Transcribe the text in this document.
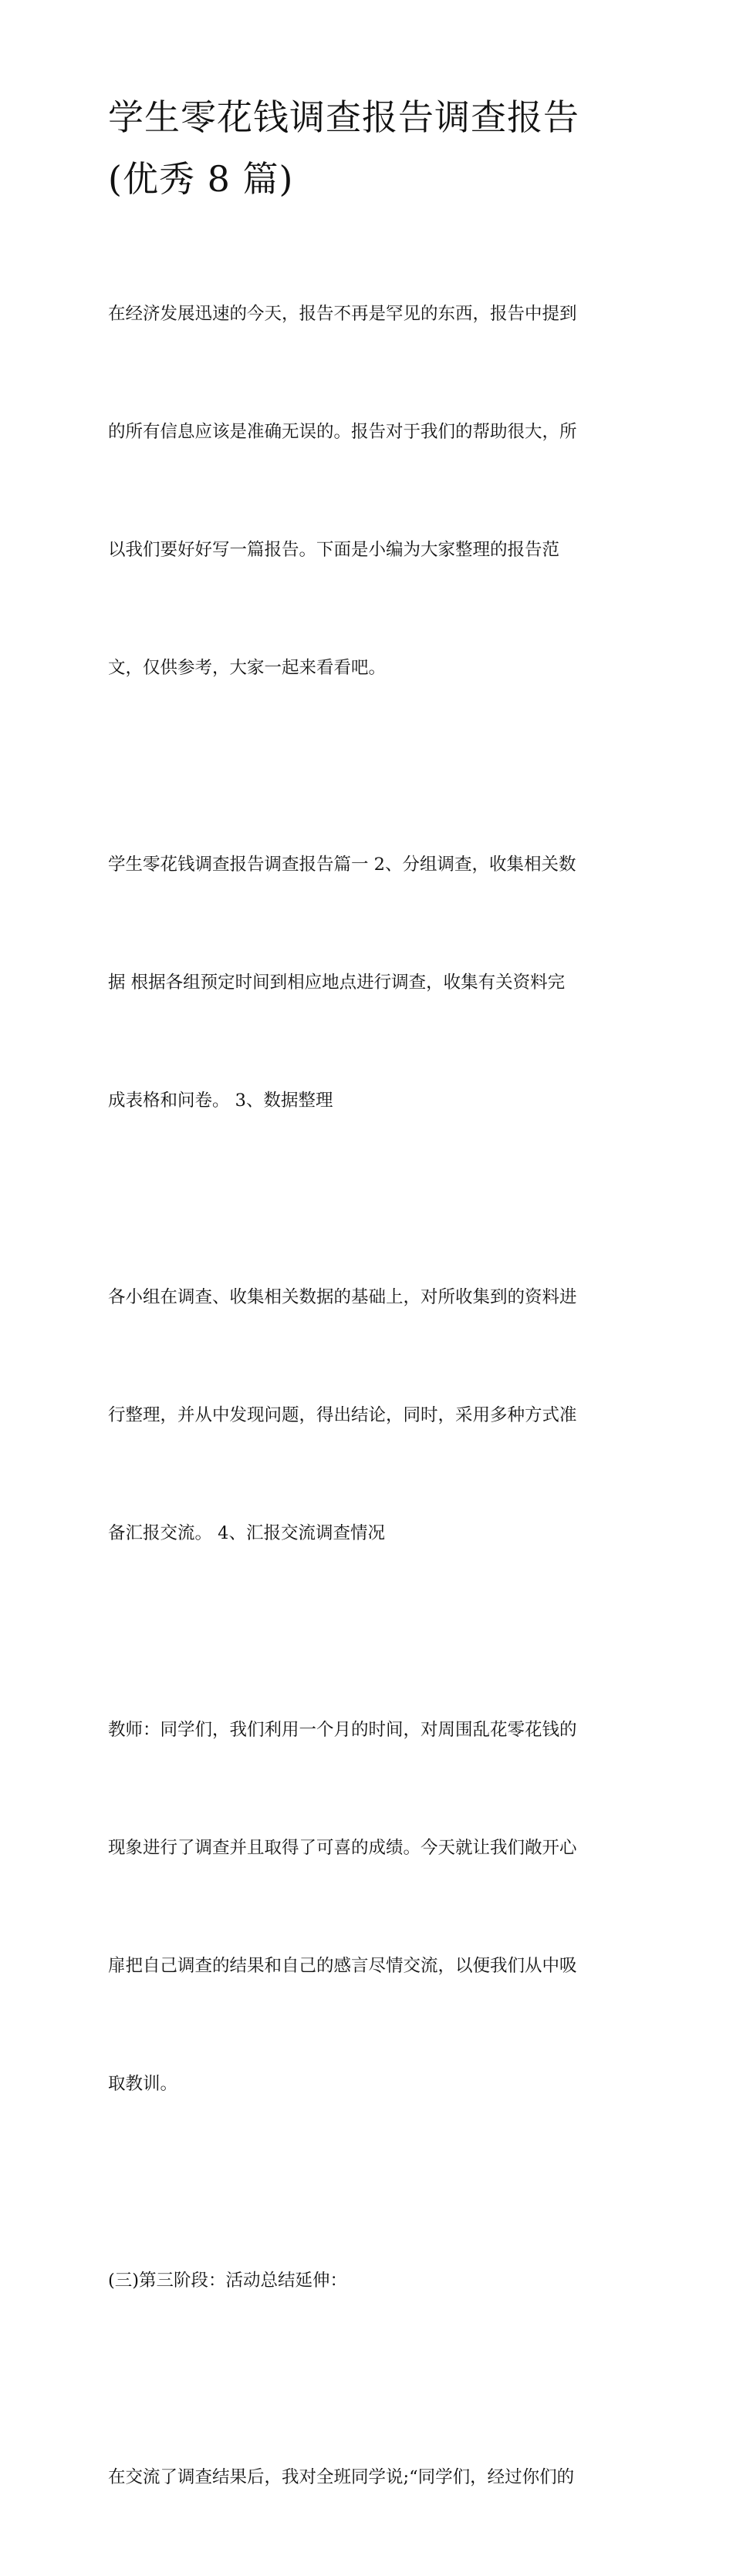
学生零花钱调查报告调查报告
(优秀 8 篇)

在经济发展迅速的今天，报告不再是罕见的东西，报告中提到

的所有信息应该是准确无误的。报告对于我们的帮助很大，所

以我们要好好写一篇报告。下面是小编为大家整理的报告范

文，仅供参考，大家一起来看看吧。

学生零花钱调查报告调查报告篇一 2、分组调查，收集相关数

据 根据各组预定时间到相应地点进行调查，收集有关资料完

成表格和问卷。 3、数据整理

各小组在调查、收集相关数据的基础上，对所收集到的资料进

行整理，并从中发现问题，得出结论，同时，采用多种方式准

备汇报交流。 4、汇报交流调查情况

教师：同学们，我们利用一个月的时间，对周围乱花零花钱的

现象进行了调查并且取得了可喜的成绩。今天就让我们敞开心

扉把自己调查的结果和自己的感言尽情交流，以便我们从中吸

取教训。

(三)第三阶段：活动总结延伸：

在交流了调查结果后，我对全班同学说;“同学们，经过你们的
